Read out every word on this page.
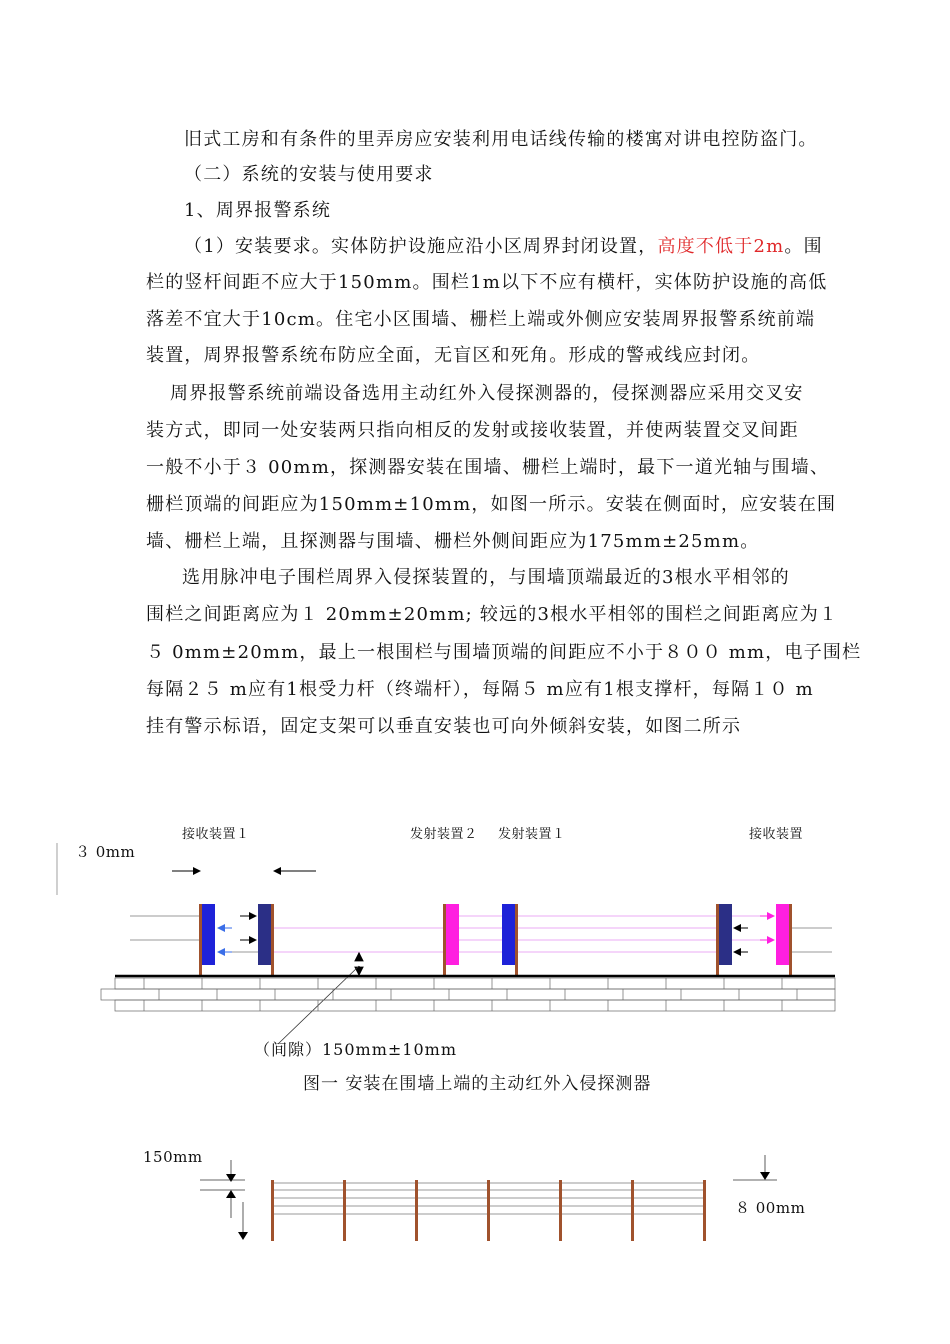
旧式工房和有条件的里弄房应安装利用电话线传输的楼寓对讲电控防盗门。
（二）系统的安装与使用要求
1、周界报警系统
（1）安装要求。实体防护设施应沿小区周界封闭设置，高度不低于2m。围
栏的竖杆间距不应大于150mm。围栏1m以下不应有横杆，实体防护设施的高低
落差不宜大于10cm。住宅小区围墙、栅栏上端或外侧应安装周界报警系统前端
装置，周界报警系统布防应全面，无盲区和死角。形成的警戒线应封闭。
周界报警系统前端设备选用主动红外入侵探测器的，侵探测器应采用交叉安
装方式，即同一处安装两只指向相反的发射或接收装置，并使两装置交叉间距
一般不小于３ 00mm，探测器安装在围墙、栅栏上端时，最下一道光轴与围墙、
栅栏顶端的间距应为150mm±10mm，如图一所示。安装在侧面时，应安装在围
墙、栅栏上端，且探测器与围墙、栅栏外侧间距应为175mm±25mm。
选用脉冲电子围栏周界入侵探装置的，与围墙顶端最近的3根水平相邻的
围栏之间距离应为１ 20mm±20mm; 较远的3根水平相邻的围栏之间距离应为１
５ 0mm±20mm，最上一根围栏与围墙顶端的间距应不小于８００ mm，电子围栏
每隔２５ m应有1根受力杆（终端杆），每隔５ m应有1根支撑杆，每隔１０ m
挂有警示标语，固定支架可以垂直安装也可向外倾斜安装，如图二所示
接收装置１	发射装置２ 发射装置１	接收装置
３ 0mm
（间隙）150mm±10mm
图一 安装在围墙上端的主动红外入侵探测器
150mm
８ 00mm
